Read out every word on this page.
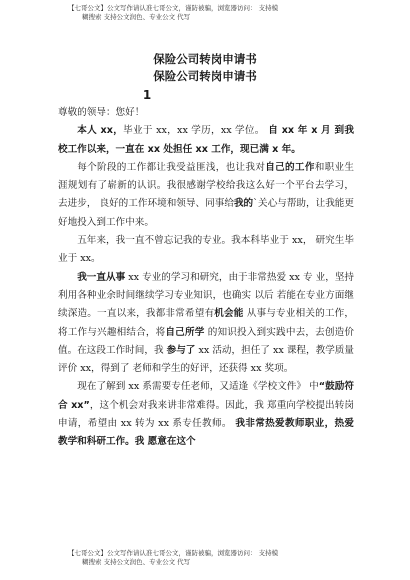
【七哥公文】公文写作请认准七哥公文，谨防被骗，浏览器访问： 支持模
糊搜索 支持公文润色、专业公文 代写
保险公司转岗申请书
保险公司转岗申请书
1

尊敬的领导：您好！

本人 xx，毕业于 xx，xx 学历，xx 学位。 自 xx 年 x 月 到我校工作以来，一直在 xx 处担任 xx 工作，现已满 x 年。

每个阶段的工作都让我受益匪浅，也让我对自己的工作和职业生涯规划有了崭新的认识。我很感谢学校给我这么好一个平台去学习，去进步， 良好的工作环境和领导、同事给我的`关心与帮助，让我能更好地投入到工作中来。

五年来，我一直不曾忘记我的专业。我本科毕业于 xx， 研究生毕业于 xx。

我一直从事 xx 专业的学习和研究，由于非常热爱 xx 专 业，坚持利用各种业余时间继续学习专业知识，也确实 以后 若能在专业方面继续深造。一直以来，我都非常希望有机会能 从事与专业相关的工作，将工作与兴趣相结合，将自己所学 的知识投入到实践中去，去创造价值。在这段工作时间，我 参与了 xx 活动，担任了 xx 课程，教学质量评价 xx，得到了 老师和学生的好评，还获得 xx 奖项。

现在了解到 xx 系需要专任老师，又适逢《学校文件》 中“鼓励符合 xx”，这个机会对我来讲非常难得。因此，我 郑重向学校提出转岗申请，希望由 xx 转为 xx 系专任教师。 我非常热爱教师职业，热爱教学和科研工作。我 愿意在这个

【七哥公文】公文写作请认准七哥公文，谨防被骗，浏览器访问： 支持模
糊搜索 支持公文润色、专业公文 代写
